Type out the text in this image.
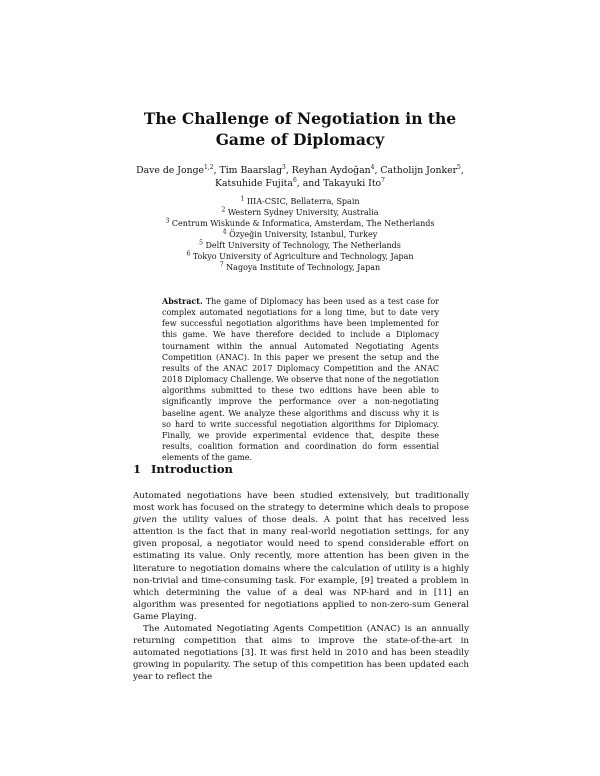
The Challenge of Negotiation in the Game of Diplomacy
Dave de Jonge$^{1,2}$, Tim Baarslag$^3$, Reyhan Aydoğan$^4$, Catholijn Jonker$^5$,
Katsuhide Fujita$^6$, and Takayuki Ito$^7$
$^1$ IIIA-CSIC, Bellaterra, Spain
$^2$ Western Sydney University, Australia
$^3$ Centrum Wiskunde & Informatica, Amsterdam, The Netherlands
$^4$ Özyeğin University, Istanbul, Turkey
$^5$ Delft University of Technology, The Netherlands
$^6$ Tokyo University of Agriculture and Technology, Japan
$^7$ Nagoya Institute of Technology, Japan
Abstract. The game of Diplomacy has been used as a test case for complex automated negotiations for a long time, but to date very few successful negotiation algorithms have been implemented for this game. We have therefore decided to include a Diplomacy tournament within the annual Automated Negotiating Agents Competition (ANAC). In this paper we present the setup and the results of the ANAC 2017 Diplomacy Competition and the ANAC 2018 Diplomacy Challenge. We observe that none of the negotiation algorithms submitted to these two editions have been able to significantly improve the performance over a non-negotiating baseline agent. We analyze these algorithms and discuss why it is so hard to write successful negotiation algorithms for Diplomacy. Finally, we provide experimental evidence that, despite these results, coalition formation and coordination do form essential elements of the game.
1 Introduction

Automated negotiations have been studied extensively, but traditionally most work has focused on the strategy to determine which deals to propose given the utility values of those deals. A point that has received less attention is the fact that in many real-world negotiation settings, for any given proposal, a negotiator would need to spend considerable effort on estimating its value. Only recently, more attention has been given in the literature to negotiation domains where the calculation of utility is a highly non-trivial and time-consuming task. For example, [9] treated a problem in which determining the value of a deal was NP-hard and in [11] an algorithm was presented for negotiations applied to non-zero-sum General Game Playing.

The Automated Negotiating Agents Competition (ANAC) is an annually returning competition that aims to improve the state-of-the-art in automated negotiations [3]. It was first held in 2010 and has been steadily growing in popularity. The setup of this competition has been updated each year to reflect the
